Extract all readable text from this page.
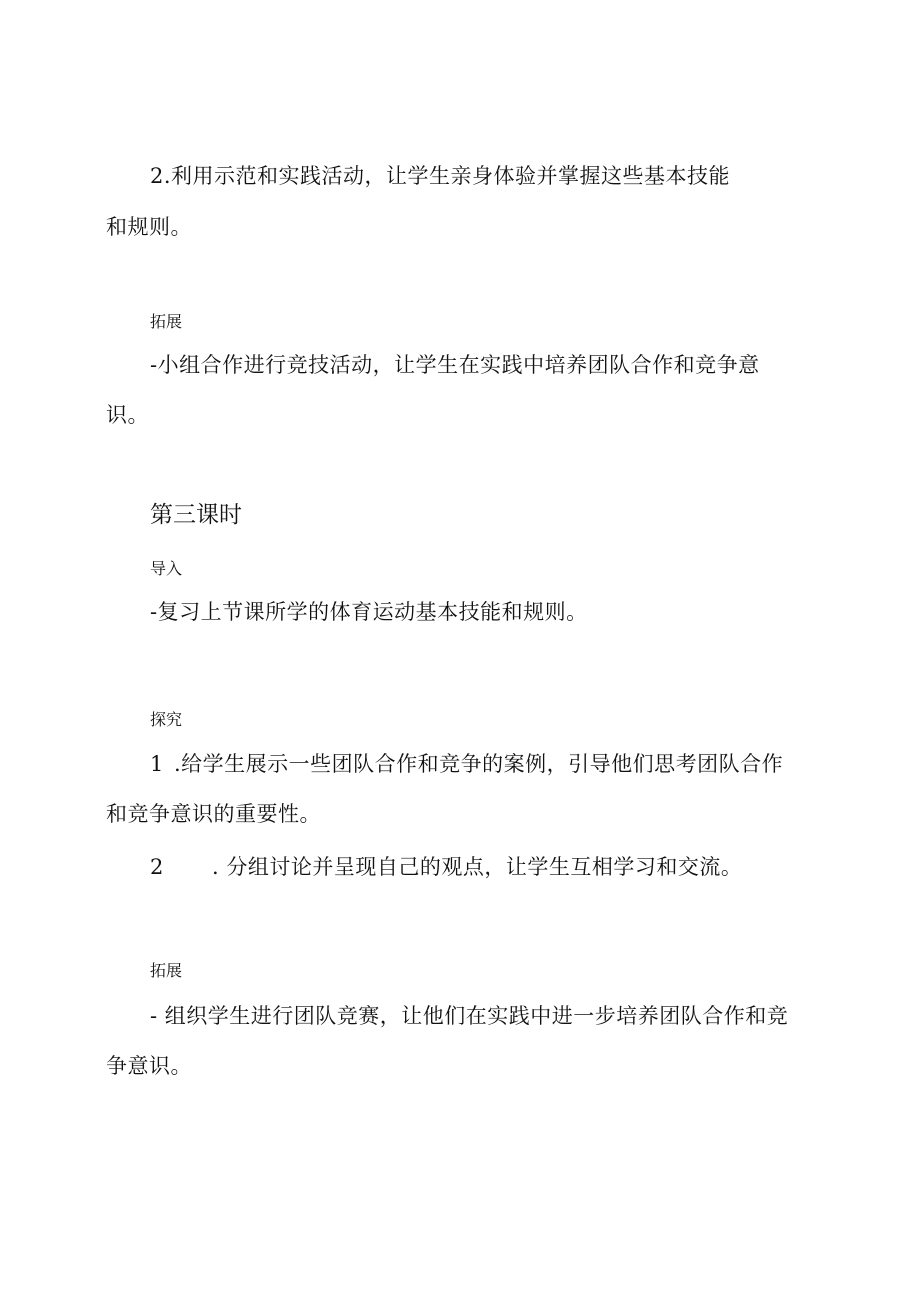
2.利用示范和实践活动，让学生亲身体验并掌握这些基本技能
和规则。
拓展
-小组合作进行竞技活动，让学生在实践中培养团队合作和竞争意
识。
第三课时
导入
-复习上节课所学的体育运动基本技能和规则。
探究
1 .给学生展示一些团队合作和竞争的案例，引导他们思考团队合作
和竞争意识的重要性。
2 . 分组讨论并呈现自己的观点，让学生互相学习和交流。
拓展
- 组织学生进行团队竞赛，让他们在实践中进一步培养团队合作和竞
争意识。
